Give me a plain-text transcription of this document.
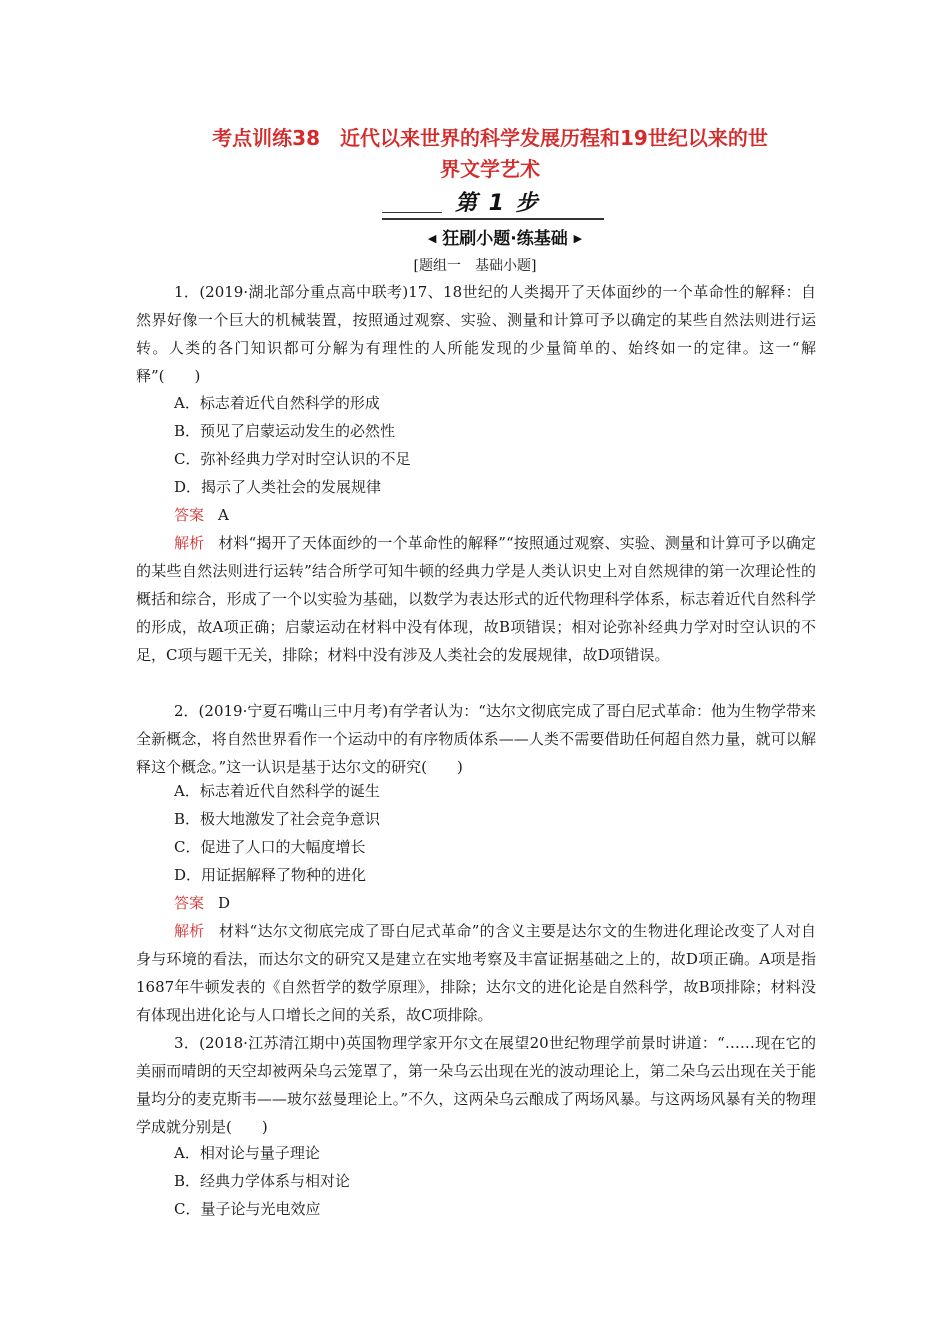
考点训练38　近代以来世界的科学发展历程和19世纪以来的世
界文学艺术
第 1 步
◀ 狂刷小题·练基础 ▶
[题组一　基础小题]
1．(2019·湖北部分重点高中联考)17、18世纪的人类揭开了天体面纱的一个革命性的解释：自然界好像一个巨大的机械装置，按照通过观察、实验、测量和计算可予以确定的某些自然法则进行运转。人类的各门知识都可分解为有理性的人所能发现的少量简单的、始终如一的定律。这一“解释”(　　)
A．标志着近代自然科学的形成
B．预见了启蒙运动发生的必然性
C．弥补经典力学对时空认识的不足
D．揭示了人类社会的发展规律
答案 A
解析 材料“揭开了天体面纱的一个革命性的解释”“按照通过观察、实验、测量和计算可予以确定的某些自然法则进行运转”结合所学可知牛顿的经典力学是人类认识史上对自然规律的第一次理论性的概括和综合，形成了一个以实验为基础，以数学为表达形式的近代物理科学体系，标志着近代自然科学的形成，故A项正确；启蒙运动在材料中没有体现，故B项错误；相对论弥补经典力学对时空认识的不足，C项与题干无关，排除；材料中没有涉及人类社会的发展规律，故D项错误。
2．(2019·宁夏石嘴山三中月考)有学者认为：“达尔文彻底完成了哥白尼式革命：他为生物学带来全新概念，将自然世界看作一个运动中的有序物质体系——人类不需要借助任何超自然力量，就可以解释这个概念。”这一认识是基于达尔文的研究(　　)
A．标志着近代自然科学的诞生
B．极大地激发了社会竞争意识
C．促进了人口的大幅度增长
D．用证据解释了物种的进化
答案 D
解析 材料“达尔文彻底完成了哥白尼式革命”的含义主要是达尔文的生物进化理论改变了人对自身与环境的看法，而达尔文的研究又是建立在实地考察及丰富证据基础之上的，故D项正确。A项是指1687年牛顿发表的《自然哲学的数学原理》，排除；达尔文的进化论是自然科学，故B项排除；材料没有体现出进化论与人口增长之间的关系，故C项排除。
3．(2018·江苏清江期中)英国物理学家开尔文在展望20世纪物理学前景时讲道：“……现在它的美丽而晴朗的天空却被两朵乌云笼罩了，第一朵乌云出现在光的波动理论上，第二朵乌云出现在关于能量均分的麦克斯韦——玻尔兹曼理论上。”不久，这两朵乌云酿成了两场风暴。与这两场风暴有关的物理学成就分别是(　　)
A．相对论与量子理论
B．经典力学体系与相对论
C．量子论与光电效应
